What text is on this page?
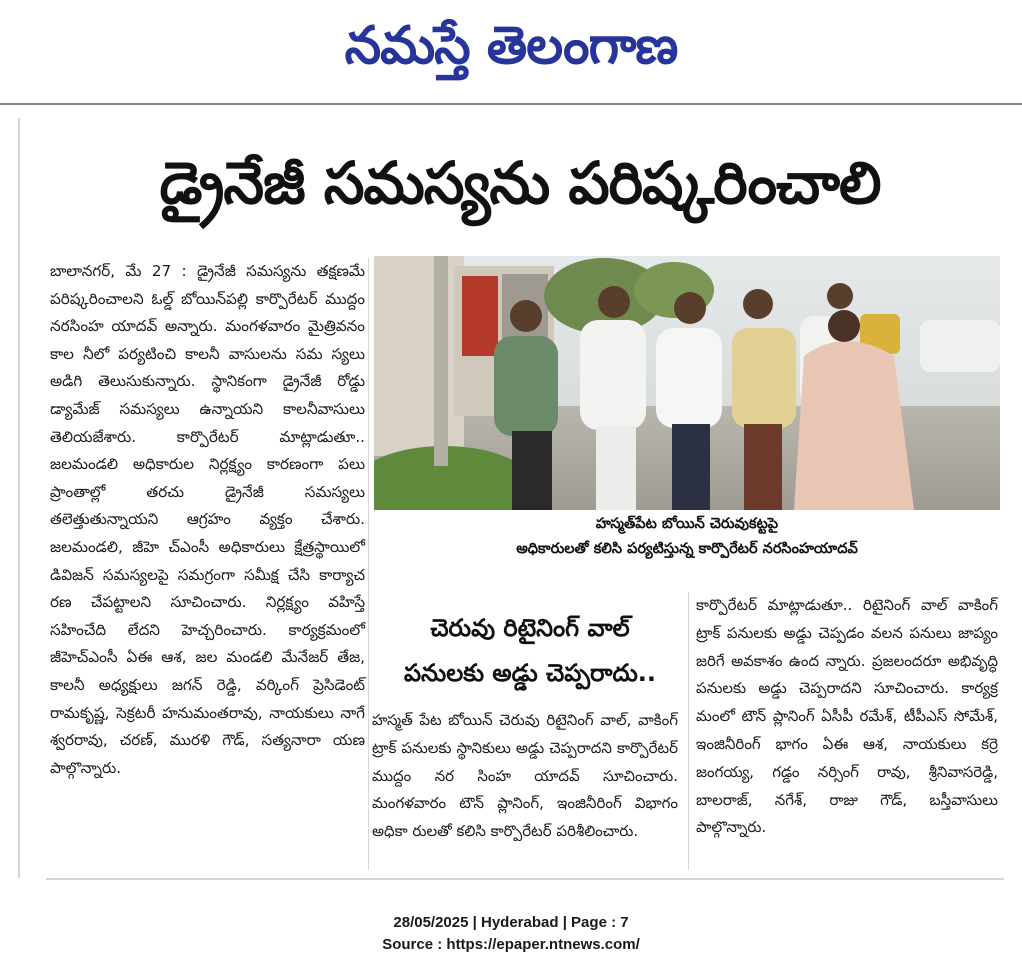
నమస్తే తెలంగాణ
డ్రైనేజీ సమస్యను పరిష్కరించాలి

బాలానగర్, మే 27 : డ్రైనేజీ సమస్యను తక్షణమే పరిష్కరించాలని ఓల్డ్ బోయిన్‌పల్లి కార్పొరేటర్ ముద్దం నరసింహ యాదవ్ అన్నారు. మంగళవారం మైత్రివనం కాల నీలో పర్యటించి కాలనీ వాసులను సమ స్యలు అడిగి తెలుసుకున్నారు. స్థానికంగా డ్రైనేజీ రోడ్డు డ్యామేజ్ సమస్యలు ఉన్నాయని కాలనీవాసులు తెలియజేశారు. కార్పొరేటర్ మాట్లాడుతూ.. జలమండలి అధికారుల నిర్లక్ష్యం కారణంగా పలు ప్రాంతాల్లో తరచు డ్రైనేజీ సమస్యలు తలెత్తుతున్నాయని ఆగ్రహం వ్యక్తం చేశారు. జలమండలి, జీహె చ్‌ఎంసీ అధికారులు క్షేత్రస్థాయిలో డివిజన్ సమస్యలపై సమగ్రంగా సమీక్ష చేసి కార్యాచ రణ చేపట్టాలని సూచించారు. నిర్లక్ష్యం వహిస్తే సహించేది లేదని హెచ్చరించారు. కార్యక్రమంలో జీహెచ్‌ఎంసీ ఏఈ ఆశ, జల మండలి మేనేజర్ తేజ, కాలనీ అధ్యక్షులు జగన్ రెడ్డి, వర్కింగ్ ప్రెసిడెంట్ రామకృష్ణ, సెక్రటరీ హనుమంతరావు, నాయకులు నాగే శ్వరరావు, చరణ్, మురళి గౌడ్, సత్యనారా యణ పాల్గొన్నారు.

హస్మత్‌పేట బోయిన్ చెరువుకట్టపై
అధికారులతో కలిసి పర్యటిస్తున్న కార్పొరేటర్ నరసింహయాదవ్
చెరువు రిటైనింగ్ వాల్
పనులకు అడ్డు చెప్పరాదు..

హస్మత్ పేట బోయిన్ చెరువు రిటైనింగ్ వాల్, వాకింగ్ ట్రాక్ పనులకు స్థానికులు అడ్డు చెప్పరాదని కార్పొరేటర్ ముద్దం నర సింహ యాదవ్ సూచించారు. మంగళవారం టౌన్ ప్లానింగ్, ఇంజినీరింగ్ విభాగం అధికా రులతో కలిసి కార్పొరేటర్ పరిశీలించారు.

కార్పొరేటర్ మాట్లాడుతూ.. రిటైనింగ్ వాల్ వాకింగ్ ట్రాక్ పనులకు అడ్డు చెప్పడం వలన పనులు జాప్యం జరిగే అవకాశం ఉంద న్నారు. ప్రజలందరూ అభివృద్ధి పనులకు అడ్డు చెప్పరాదని సూచించారు. కార్యక్ర మంలో టౌన్ ప్లానింగ్ ఏసీపీ రమేశ్, టీపీఎస్ సోమేశ్, ఇంజినీరింగ్ భాగం ఏఈ ఆశ, నాయకులు కర్రె జంగయ్య, గడ్డం నర్సింగ్ రావు, శ్రీనివాసరెడ్డి, బాలరాజ్, నగేశ్, రాజు గౌడ్, బస్తీవాసులు పాల్గొన్నారు.

28/05/2025 | Hyderabad | Page : 7
Source : https://epaper.ntnews.com/
